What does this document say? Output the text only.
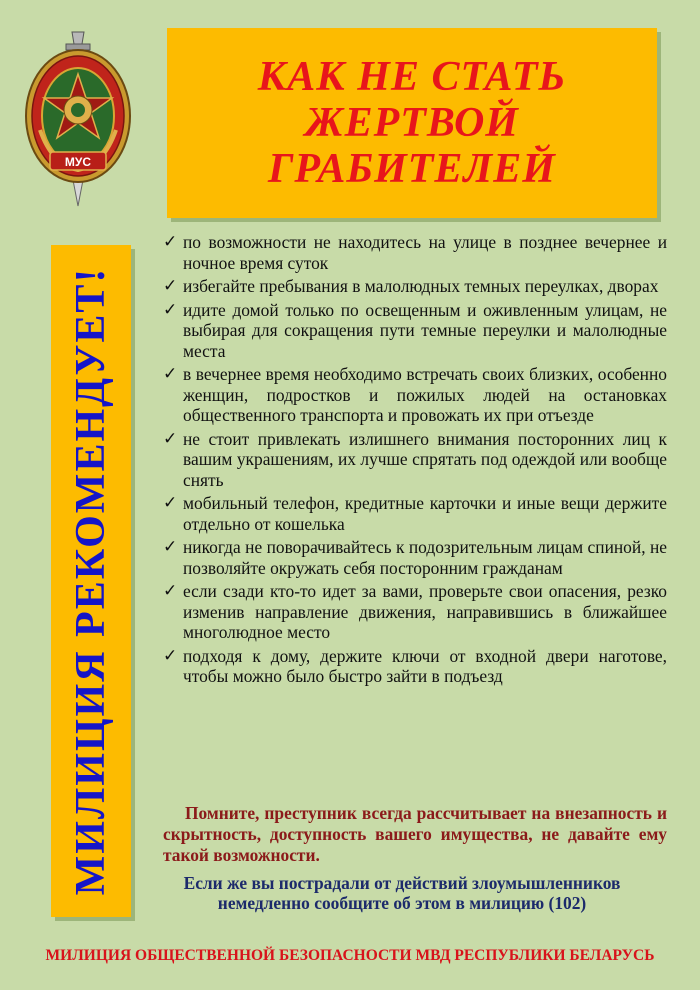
МУС
КАК НЕ СТАТЬ
ЖЕРТВОЙ
ГРАБИТЕЛЕЙ
МИЛИЦИЯ РЕКОМЕНДУЕТ!
✓ по возможности не находитесь на улице в позднее вечернее и ночное время суток
✓ избегайте пребывания в малолюдных темных переулках, дворах
✓ идите домой только по освещенным и оживленным улицам, не выбирая для сокращения пути темные переулки и малолюдные места
✓ в вечернее время необходимо встречать своих близких, особенно женщин, подростков и пожилых людей на остановках общественного транспорта и провожать их при отъезде
✓ не стоит привлекать излишнего внимания посторонних лиц к вашим украшениям, их лучше спрятать под одеждой или вообще снять
✓ мобильный телефон, кредитные карточки и иные вещи держите отдельно от кошелька
✓ никогда не поворачивайтесь к подозрительным лицам спиной, не позволяйте окружать себя посторонним гражданам
✓ если сзади кто-то идет за вами, проверьте свои опасения, резко изменив направление движения, направившись в ближайшее многолюдное место
✓ подходя к дому, держите ключи от входной двери наготове, чтобы можно было быстро зайти в подъезд

Помните, преступник всегда рассчитывает на внезапность и скрытность, доступность вашего имущества, не давайте ему такой возможности.

Если же вы пострадали от действий злоумышленников немедленно сообщите об этом в милицию (102)

МИЛИЦИЯ ОБЩЕСТВЕННОЙ БЕЗОПАСНОСТИ МВД РЕСПУБЛИКИ БЕЛАРУСЬ
